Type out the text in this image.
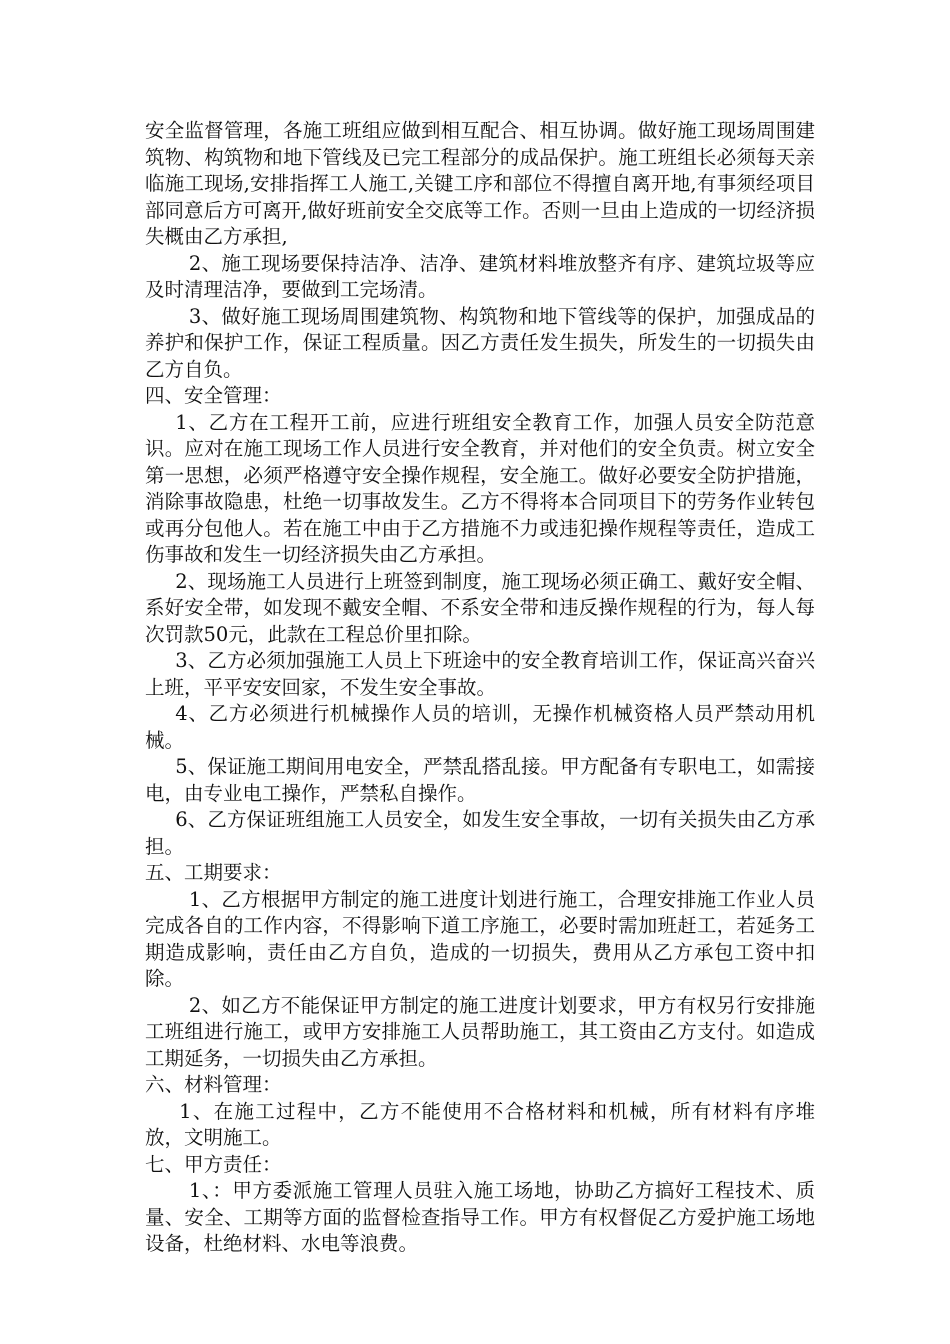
安全监督管理，各施工班组应做到相互配合、相互协调。做好施工现场周围建筑物、构筑物和地下管线及已完工程部分的成品保护。施工班组长必须每天亲临施工现场,安排指挥工人施工,关键工序和部位不得擅自离开地,有事须经项目部同意后方可离开,做好班前安全交底等工作。否则一旦由上造成的一切经济损失概由乙方承担,

2、施工现场要保持洁净、洁净、建筑材料堆放整齐有序、建筑垃圾等应及时清理洁净，要做到工完场清。

3、做好施工现场周围建筑物、构筑物和地下管线等的保护，加强成品的养护和保护工作，保证工程质量。因乙方责任发生损失，所发生的一切损失由乙方自负。

四、安全管理：

1、乙方在工程开工前，应进行班组安全教育工作，加强人员安全防范意识。应对在施工现场工作人员进行安全教育，并对他们的安全负责。树立安全第一思想，必须严格遵守安全操作规程，安全施工。做好必要安全防护措施，消除事故隐患，杜绝一切事故发生。乙方不得将本合同项目下的劳务作业转包或再分包他人。若在施工中由于乙方措施不力或违犯操作规程等责任，造成工伤事故和发生一切经济损失由乙方承担。

2、现场施工人员进行上班签到制度，施工现场必须正确工、戴好安全帽、系好安全带，如发现不戴安全帽、不系安全带和违反操作规程的行为，每人每次罚款50元，此款在工程总价里扣除。

3、乙方必须加强施工人员上下班途中的安全教育培训工作，保证高兴奋兴上班，平平安安回家，不发生安全事故。

4、乙方必须进行机械操作人员的培训，无操作机械资格人员严禁动用机械。

5、保证施工期间用电安全，严禁乱搭乱接。甲方配备有专职电工，如需接电，由专业电工操作，严禁私自操作。

6、乙方保证班组施工人员安全，如发生安全事故，一切有关损失由乙方承担。

五、工期要求：

1、乙方根据甲方制定的施工进度计划进行施工，合理安排施工作业人员完成各自的工作内容，不得影响下道工序施工，必要时需加班赶工，若延务工期造成影响，责任由乙方自负，造成的一切损失，费用从乙方承包工资中扣除。

2、如乙方不能保证甲方制定的施工进度计划要求，甲方有权另行安排施工班组进行施工，或甲方安排施工人员帮助施工，其工资由乙方支付。如造成工期延务，一切损失由乙方承担。

六、材料管理：

1、在施工过程中，乙方不能使用不合格材料和机械，所有材料有序堆放，文明施工。

七、甲方责任：

1、：甲方委派施工管理人员驻入施工场地，协助乙方搞好工程技术、质量、安全、工期等方面的监督检查指导工作。甲方有权督促乙方爱护施工场地设备，杜绝材料、水电等浪费。
